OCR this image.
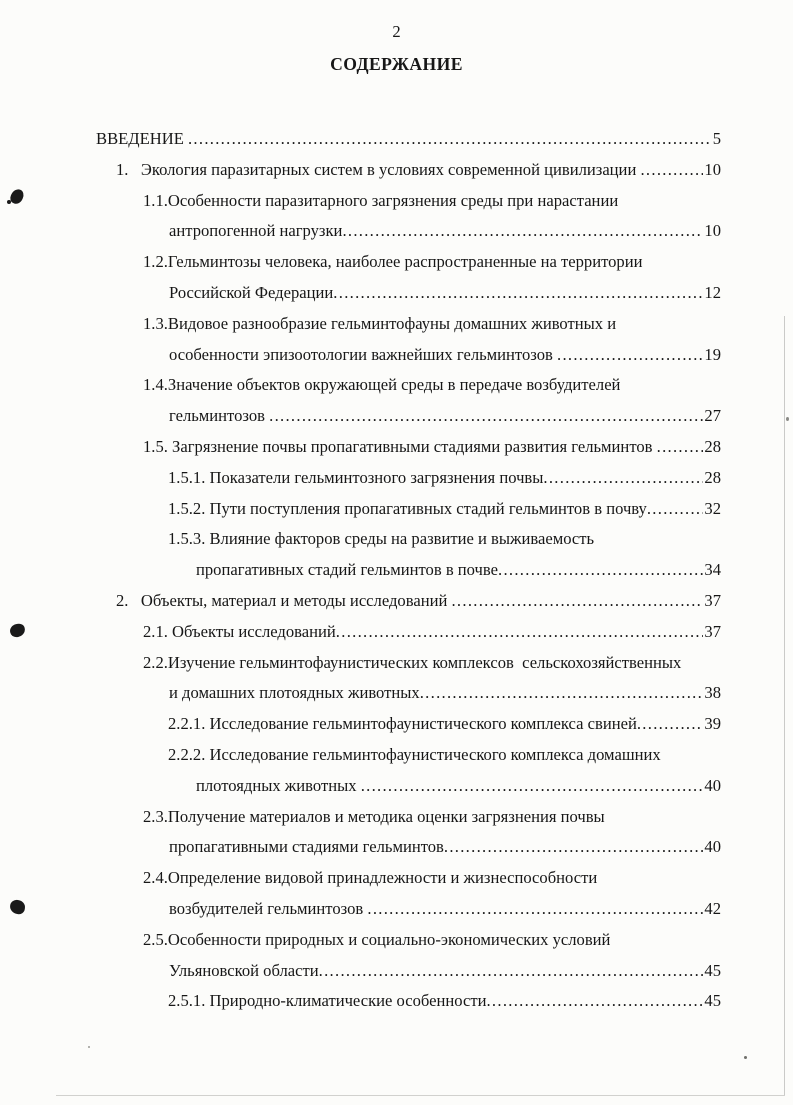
2
СОДЕРЖАНИЕ
ВВЕДЕНИЕ .....	5
1.   Экология паразитарных систем в условиях современной цивилизации .....	10
1.1.Особенности паразитарного загрязнения среды при нарастании
антропогенной нагрузки .....	10
1.2.Гельминтозы человека, наиболее распространенные на территории
Российской Федерации .....	12
1.3.Видовое разнообразие гельминтофауны домашних животных и
особенности эпизоотологии важнейших гельминтозов .....	19
1.4.Значение объектов окружающей среды в передаче возбудителей
гельминтозов .....	27
1.5. Загрязнение почвы пропагативными стадиями развития гельминтов .....	28
1.5.1. Показатели гельминтозного загрязнения почвы .....	28
1.5.2. Пути поступления пропагативных стадий гельминтов в почву .....	32
1.5.3. Влияние факторов среды на развитие и выживаемость
пропагативных стадий гельминтов в почве .....	34
2.   Объекты, материал и методы исследований .....	37
2.1. Объекты исследований .....	37
2.2.Изучение гельминтофаунистических комплексов  сельскохозяйственных
и домашних плотоядных животных .....	38
2.2.1. Исследование гельминтофаунистического комплекса свиней .....	39
2.2.2. Исследование гельминтофаунистического комплекса домашних
плотоядных животных .....	40
2.3.Получение материалов и методика оценки загрязнения почвы
пропагативными стадиями гельминтов .....	40
2.4.Определение видовой принадлежности и жизнеспособности
возбудителей гельминтозов .....	42
2.5.Особенности природных и социально-экономических условий
Ульяновской области .....	45
2.5.1. Природно-климатические особенности .....	45
